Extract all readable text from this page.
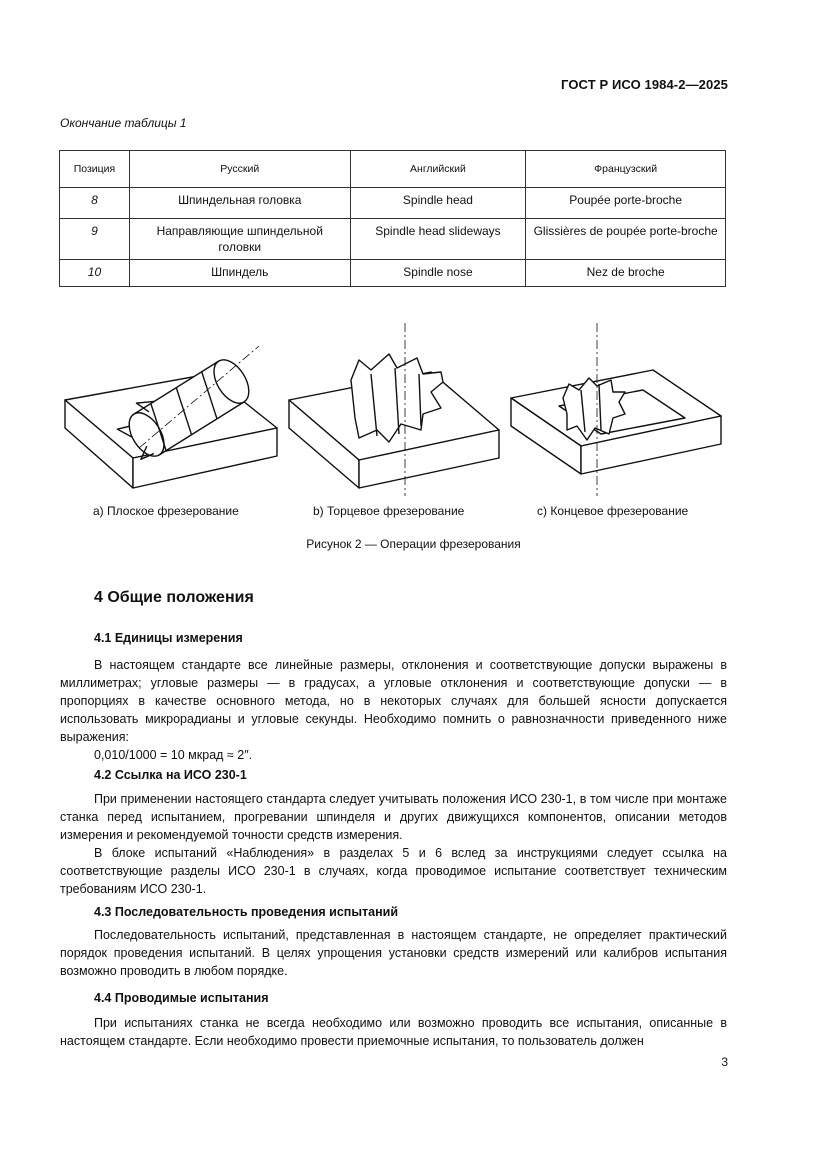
ГОСТ Р ИСО 1984-2—2025
Окончание таблицы 1
Позиция	Русский	Английский	Французский
8	Шпиндельная головка	Spindle head	Poupée porte-broche
9	Направляющие шпиндельной головки	Spindle head slideways	Glissières de poupée porte-broche
10	Шпиндель	Spindle nose	Nez de broche
а) Плоское фрезерование	b) Торцевое фрезерование	c) Концевое фрезерование
Рисунок 2 — Операции фрезерования
4 Общие положения
4.1 Единицы измерения

В настоящем стандарте все линейные размеры, отклонения и соответствующие допуски выражены в миллиметрах; угловые размеры — в градусах, а угловые отклонения и соответствующие допуски — в пропорциях в качестве основного метода, но в некоторых случаях для большей ясности допускается использовать микрорадианы и угловые секунды. Необходимо помнить о равнозначности приведенного ниже выражения:

0,010/1000 = 10 мкрад ≈ 2″.

4.2 Ссылка на ИСО 230-1

При применении настоящего стандарта следует учитывать положения ИСО 230-1, в том числе при монтаже станка перед испытанием, прогревании шпинделя и других движущихся компонентов, описании методов измерения и рекомендуемой точности средств измерения.

В блоке испытаний «Наблюдения» в разделах 5 и 6 вслед за инструкциями следует ссылка на соответствующие разделы ИСО 230-1 в случаях, когда проводимое испытание соответствует техническим требованиям ИСО 230-1.

4.3 Последовательность проведения испытаний

Последовательность испытаний, представленная в настоящем стандарте, не определяет практический порядок проведения испытаний. В целях упрощения установки средств измерений или калибров испытания возможно проводить в любом порядке.

4.4 Проводимые испытания

При испытаниях станка не всегда необходимо или возможно проводить все испытания, описанные в настоящем стандарте. Если необходимо провести приемочные испытания, то пользователь должен

3
